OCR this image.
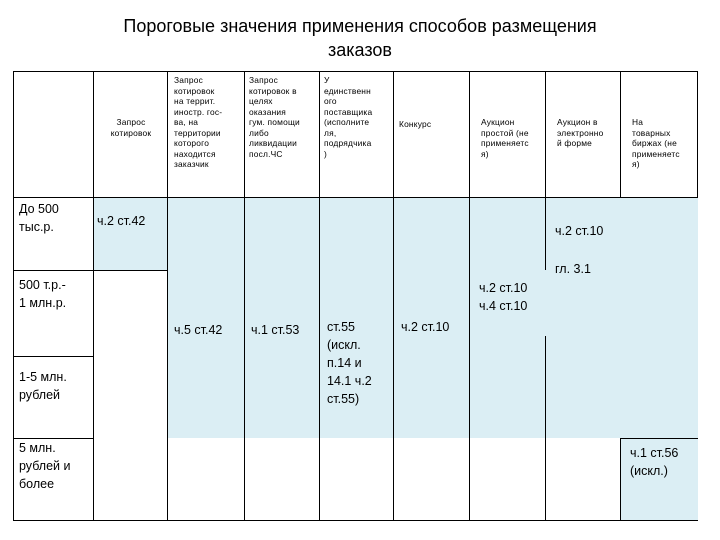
Пороговые значения применения способов размещения
заказов
Запрос
котировок
Запрос
котировок
на террит.
иностр. гос-
ва, на
территории
которого
находится
заказчик
Запрос
котировок в
целях
оказания
гум. помощи
либо
ликвидации
посл.ЧС
У
единственн
ого
поставщика
(исполните
ля,
подрядчика
)
Конкурс	Аукцион
простой (не
применяетс
я)
Аукцион в
электронно
й форме
На
товарных
биржах (не
применяетс
я)
До 500
тыс.р.
500 т.р.-
1 млн.р.
1-5 млн.
рублей
5 млн.
рублей и
более
ч.2 ст.42
ч.2 ст.10
гл. 3.1
ч.2 ст.10
ч.4 ст.10
ч.5 ст.42 ч.1 ст.53 ст.55
(искл.
п.14 и
14.1 ч.2
ст.55)
ч.2 ст.10
ч.1 ст.56
(искл.)
